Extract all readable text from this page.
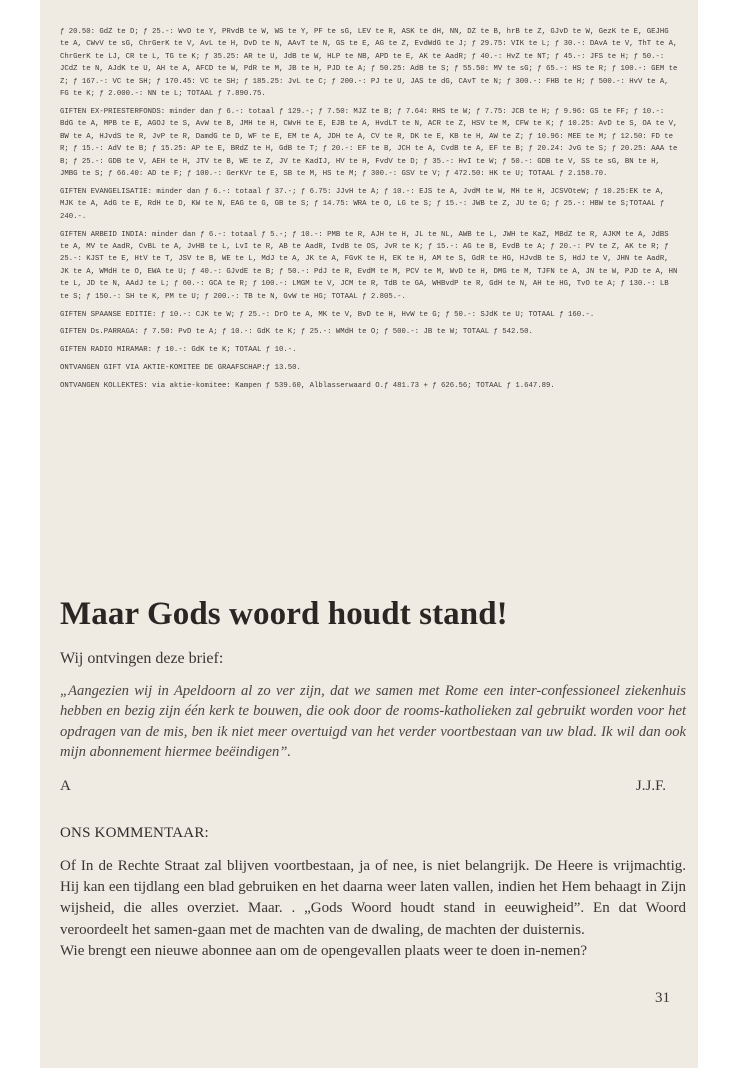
ƒ 20.50: GdZ te D; ƒ 25.-: WvD te Y, PRvdB te W, WS te Y, PF te sG, LEV te R, ASK te dH, NN, DZ te B, hrB te Z, GJvD te W, GezK te E, GEJHG te A, CWvV te sG, ChrGerK te V, AvL te H, DvD te N, AAvT te N, GS te E, AG te Z, EvdWdG te J; ƒ 29.75: VIK te L; ƒ 30.-: DAvA te V, ThT te A, ChrGerK te LJ, CR te L, TG te K; ƒ 35.25: AR te U, JdB te W, HLP te NB, APD te E, AK te AadR; ƒ 40.-: HvZ te NT; ƒ 45.-: JFS te H; ƒ 50.-: JCdZ te N, AJdK te U, AH te A, AFCD te W, PdR te M, JB te H, PJD te A; ƒ 50.25: AdB te S; ƒ 55.50: MV te sG; ƒ 65.-: HS te R; ƒ 100.-: GEM te Z; ƒ 167.-: VC te SH; ƒ 170.45: VC te SH; ƒ 185.25: JvL te C; ƒ 200.-: PJ te U, JAS te dG, CAvT te N; ƒ 300.-: FHB te H; ƒ 500.-: HvV te A, FG te K; ƒ 2.000.-: NN te L; TOTAAL ƒ 7.890.75.

GIFTEN EX-PRIESTERFONDS: minder dan ƒ 6.-: totaal ƒ 129.-; ƒ 7.50: MJZ te B; ƒ 7.64: RHS te W; ƒ 7.75: JCB te H; ƒ 9.96: GS te FF; ƒ 10.-: BdG te A, MPB te E, AGOJ te S, AvW te B, JMH te H, CWvH te E, EJB te A, HvdLT te N, ACR te Z, HSV te M, CFW te K; ƒ 10.25: AvD te S, OA te V, BW te A, HJvdS te R, JvP te R, DamdG te D, WF te E, EM te A, JDH te A, CV te R, DK te E, KB te H, AW te Z; ƒ 10.96: MEE te M; ƒ 12.50: FD te R; ƒ 15.-: AdV te B; ƒ 15.25: AP te E, BRdZ te H, GdB te T; ƒ 20.-: EF te B, JCH te A, CvdB te A, EF te B; ƒ 20.24: JvG te S; ƒ 20.25: AAA te B; ƒ 25.-: GDB te V, AEH te H, JTV te B, WE te Z, JV te KadIJ, HV te H, FvdV te D; ƒ 35.-: HvI te W; ƒ 50.-: GDB te V, SS te sG, BN te H, JMBG te S; ƒ 66.40: AD te F; ƒ 100.-: GerKVr te E, SB te M, HS te M; ƒ 300.-: GSV te V; ƒ 472.50: HK te U; TOTAAL ƒ 2.158.70.

GIFTEN EVANGELISATIE: minder dan ƒ 6.-: totaal ƒ 37.-; ƒ 6.75: JJvH te A; ƒ 10.-: EJS te A, JvdM te W, MH te H, JCSVOteW; ƒ 10.25:EK te A, MJK te A, AdG te E, RdH te D, KW te N, EAG te G, GB te S; ƒ 14.75: WRA te O, LG te S; ƒ 15.-: JWB te Z, JU te G; ƒ 25.-: HBW te S;TOTAAL ƒ 240.-.

GIFTEN ARBEID INDIA: minder dan ƒ 6.-: totaal ƒ 5.-; ƒ 10.-: PMB te R, AJH te H, JL te NL, AWB te L, JWH te KaZ, MBdZ te R, AJKM te A, JdBS te A, MV te AadR, CvBL te A, JvHB te L, LvI te R, AB te AadR, IvdB te OS, JvR te K; ƒ 15.-: AG te B, EvdB te A; ƒ 20.-: PV te Z, AK te R; ƒ 25.-: KJST te E, HtV te T, JSV te B, WE te L, MdJ te A, JK te A, FGvK te H, EK te H, AM te S, GdR te HG, HJvdB te S, HdJ te V, JHN te AadR, JK te A, WMdH te O, EWA te U; ƒ 40.-: GJvdE te B; ƒ 50.-: PdJ te R, EvdM te M, PCV te M, WvD te H, DMG te M, TJFN te A, JN te W, PJD te A, HN te L, JD te N, AAdJ te L; ƒ 60.-: GCA te R; ƒ 100.-: LMGM te V, JCM te R, TdB te GA, WHBvdP te R, GdH te N, AH te HG, TvO te A; ƒ 130.-: LB te S; ƒ 150.-: SH te K, PM te U; ƒ 200.-: TB te N, GvW te HG; TOTAAL ƒ 2.805.-.

GIFTEN SPAANSE EDITIE: ƒ 10.-: CJK te W; ƒ 25.-: DrO te A, MK te V, BvD te H, HvW te G; ƒ 50.-: SJdK te U; TOTAAL ƒ 160.-.

GIFTEN Ds.PARRAGA: ƒ 7.50: PvD te A; ƒ 10.-: GdK te K; ƒ 25.-: WMdH te O; ƒ 500.-: JB te W; TOTAAL ƒ 542.50.

GIFTEN RADIO MIRAMAR: ƒ 10.-: GdK te K; TOTAAL ƒ 10.-.

ONTVANGEN GIFT VIA AKTIE-KOMITEE DE GRAAFSCHAP:ƒ 13.50.

ONTVANGEN KOLLEKTES: via aktie-komitee: Kampen ƒ 539.60, Alblasserwaard O.ƒ 481.73 + ƒ 626.56; TOTAAL ƒ 1.647.89.

Maar Gods woord houdt stand!

Wij ontvingen deze brief:

„Aangezien wij in Apeldoorn al zo ver zijn, dat we samen met Rome een inter-confessioneel ziekenhuis hebben en bezig zijn één kerk te bouwen, die ook door de rooms-katholieken zal gebruikt worden voor het opdragen van de mis, ben ik niet meer overtuigd van het verder voortbestaan van uw blad. Ik wil dan ook mijn abonnement hiermee beëindigen”.

A	J.J.F.

ONS KOMMENTAAR:

Of In de Rechte Straat zal blijven voortbestaan, ja of nee, is niet belangrijk. De Heere is vrijmachtig. Hij kan een tijdlang een blad gebruiken en het daarna weer laten vallen, indien het Hem behaagt in Zijn wijsheid, die alles overziet. Maar. . „Gods Woord houdt stand in eeuwigheid”. En dat Woord veroordeelt het samen-gaan met de machten van de dwaling, de machten der duisternis.
Wie brengt een nieuwe abonnee aan om de opengevallen plaats weer te doen in-nemen?

31
